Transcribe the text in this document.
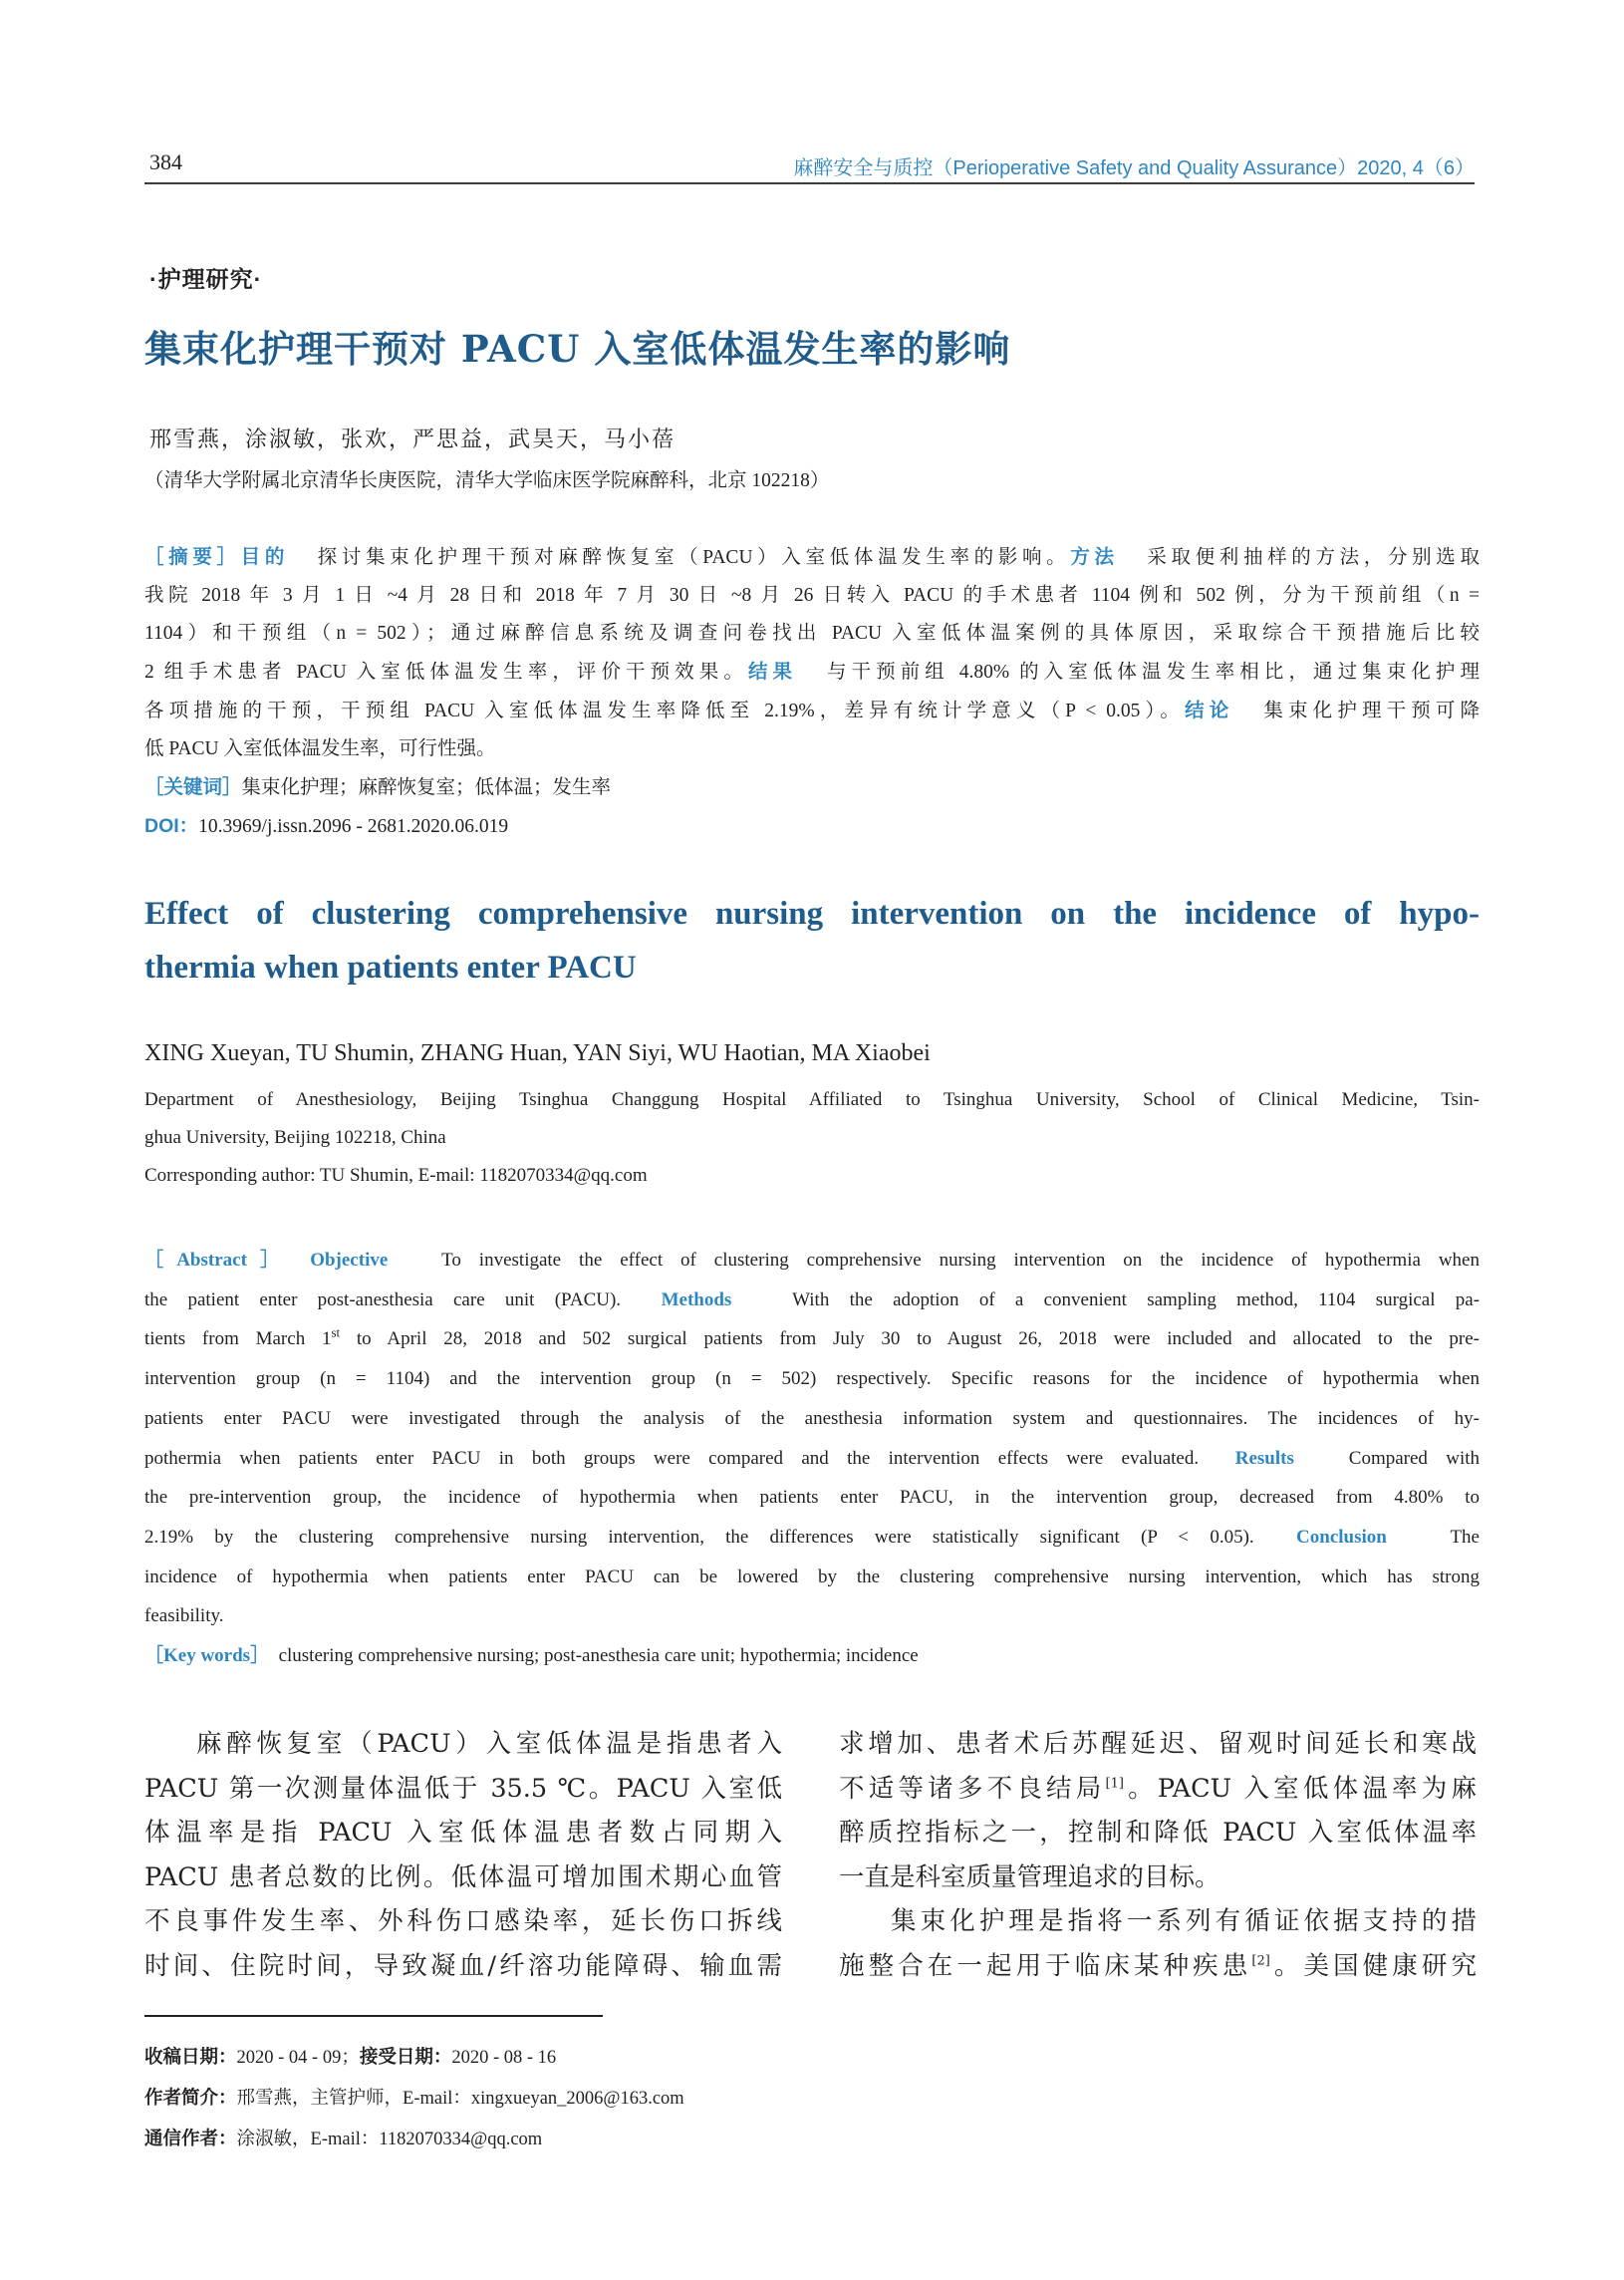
384	麻醉安全与质控（Perioperative Safety and Quality Assurance）2020, 4（6）
·护理研究·
集束化护理干预对 PACU 入室低体温发生率的影响
邢雪燕，涂淑敏，张欢，严思益，武昊天，马小蓓
（清华大学附属北京清华长庚医院，清华大学临床医学院麻醉科，北京 102218）
［摘要］目的 探讨集束化护理干预对麻醉恢复室（PACU）入室低体温发生率的影响。方法 采取便利抽样的方法，分别选取
我院 2018 年 3 月 1 日 ~4 月 28 日和 2018 年 7 月 30 日 ~8 月 26 日转入 PACU 的手术患者 1104 例和 502 例，分为干预前组（n =
1104）和干预组（n = 502）；通过麻醉信息系统及调查问卷找出 PACU 入室低体温案例的具体原因，采取综合干预措施后比较
2 组手术患者 PACU 入室低体温发生率，评价干预效果。结果 与干预前组 4.80% 的入室低体温发生率相比，通过集束化护理
各项措施的干预，干预组 PACU 入室低体温发生率降低至 2.19%，差异有统计学意义（P < 0.05）。结论 集束化护理干预可降
低 PACU 入室低体温发生率，可行性强。
［关键词］集束化护理；麻醉恢复室；低体温；发生率
DOI：10.3969/j.issn.2096 - 2681.2020.06.019
Effect of clustering comprehensive nursing intervention on the incidence of hypo-
thermia when patients enter PACU
XING Xueyan, TU Shumin, ZHANG Huan, YAN Siyi, WU Haotian, MA Xiaobei
Department of Anesthesiology, Beijing Tsinghua Changgung Hospital Affiliated to Tsinghua University, School of Clinical Medicine, Tsin-
ghua University, Beijing 102218, China
Corresponding author: TU Shumin, E-mail: 1182070334@qq.com
［Abstract］ Objective	To investigate the effect of clustering comprehensive nursing intervention on the incidence of hypothermia when
the patient enter post-anesthesia care unit (PACU). Methods	With the adoption of a convenient sampling method, 1104 surgical pa-
tients from March 1st to April 28, 2018 and 502 surgical patients from July 30 to August 26, 2018 were included and allocated to the pre-
intervention group (n = 1104) and the intervention group (n = 502) respectively. Specific reasons for the incidence of hypothermia when
patients enter PACU were investigated through the analysis of the anesthesia information system and questionnaires. The incidences of hy-
pothermia when patients enter PACU in both groups were compared and the intervention effects were evaluated. Results	Compared with
the pre-intervention group, the incidence of hypothermia when patients enter PACU, in the intervention group, decreased from 4.80% to
2.19% by the clustering comprehensive nursing intervention, the differences were statistically significant (P < 0.05). Conclusion	The
incidence of hypothermia when patients enter PACU can be lowered by the clustering comprehensive nursing intervention, which has strong
feasibility.
［Key words］ clustering comprehensive nursing; post-anesthesia care unit; hypothermia; incidence
麻醉恢复室（PACU）入室低体温是指患者入
PACU 第一次测量体温低于 35.5 ℃。PACU 入室低
体温率是指 PACU 入室低体温患者数占同期入
PACU 患者总数的比例。低体温可增加围术期心血管
不良事件发生率、外科伤口感染率，延长伤口拆线
时间、住院时间，导致凝血/纤溶功能障碍、输血需
求增加、患者术后苏醒延迟、留观时间延长和寒战
不适等诸多不良结局[1]。PACU 入室低体温率为麻
醉质控指标之一，控制和降低 PACU 入室低体温率
一直是科室质量管理追求的目标。
集束化护理是指将一系列有循证依据支持的措
施整合在一起用于临床某种疾患[2]。美国健康研究
收稿日期：2020 - 04 - 09；接受日期：2020 - 08 - 16
作者简介：邢雪燕，主管护师，E-mail：xingxueyan_2006@163.com
通信作者：涂淑敏，E-mail：1182070334@qq.com
